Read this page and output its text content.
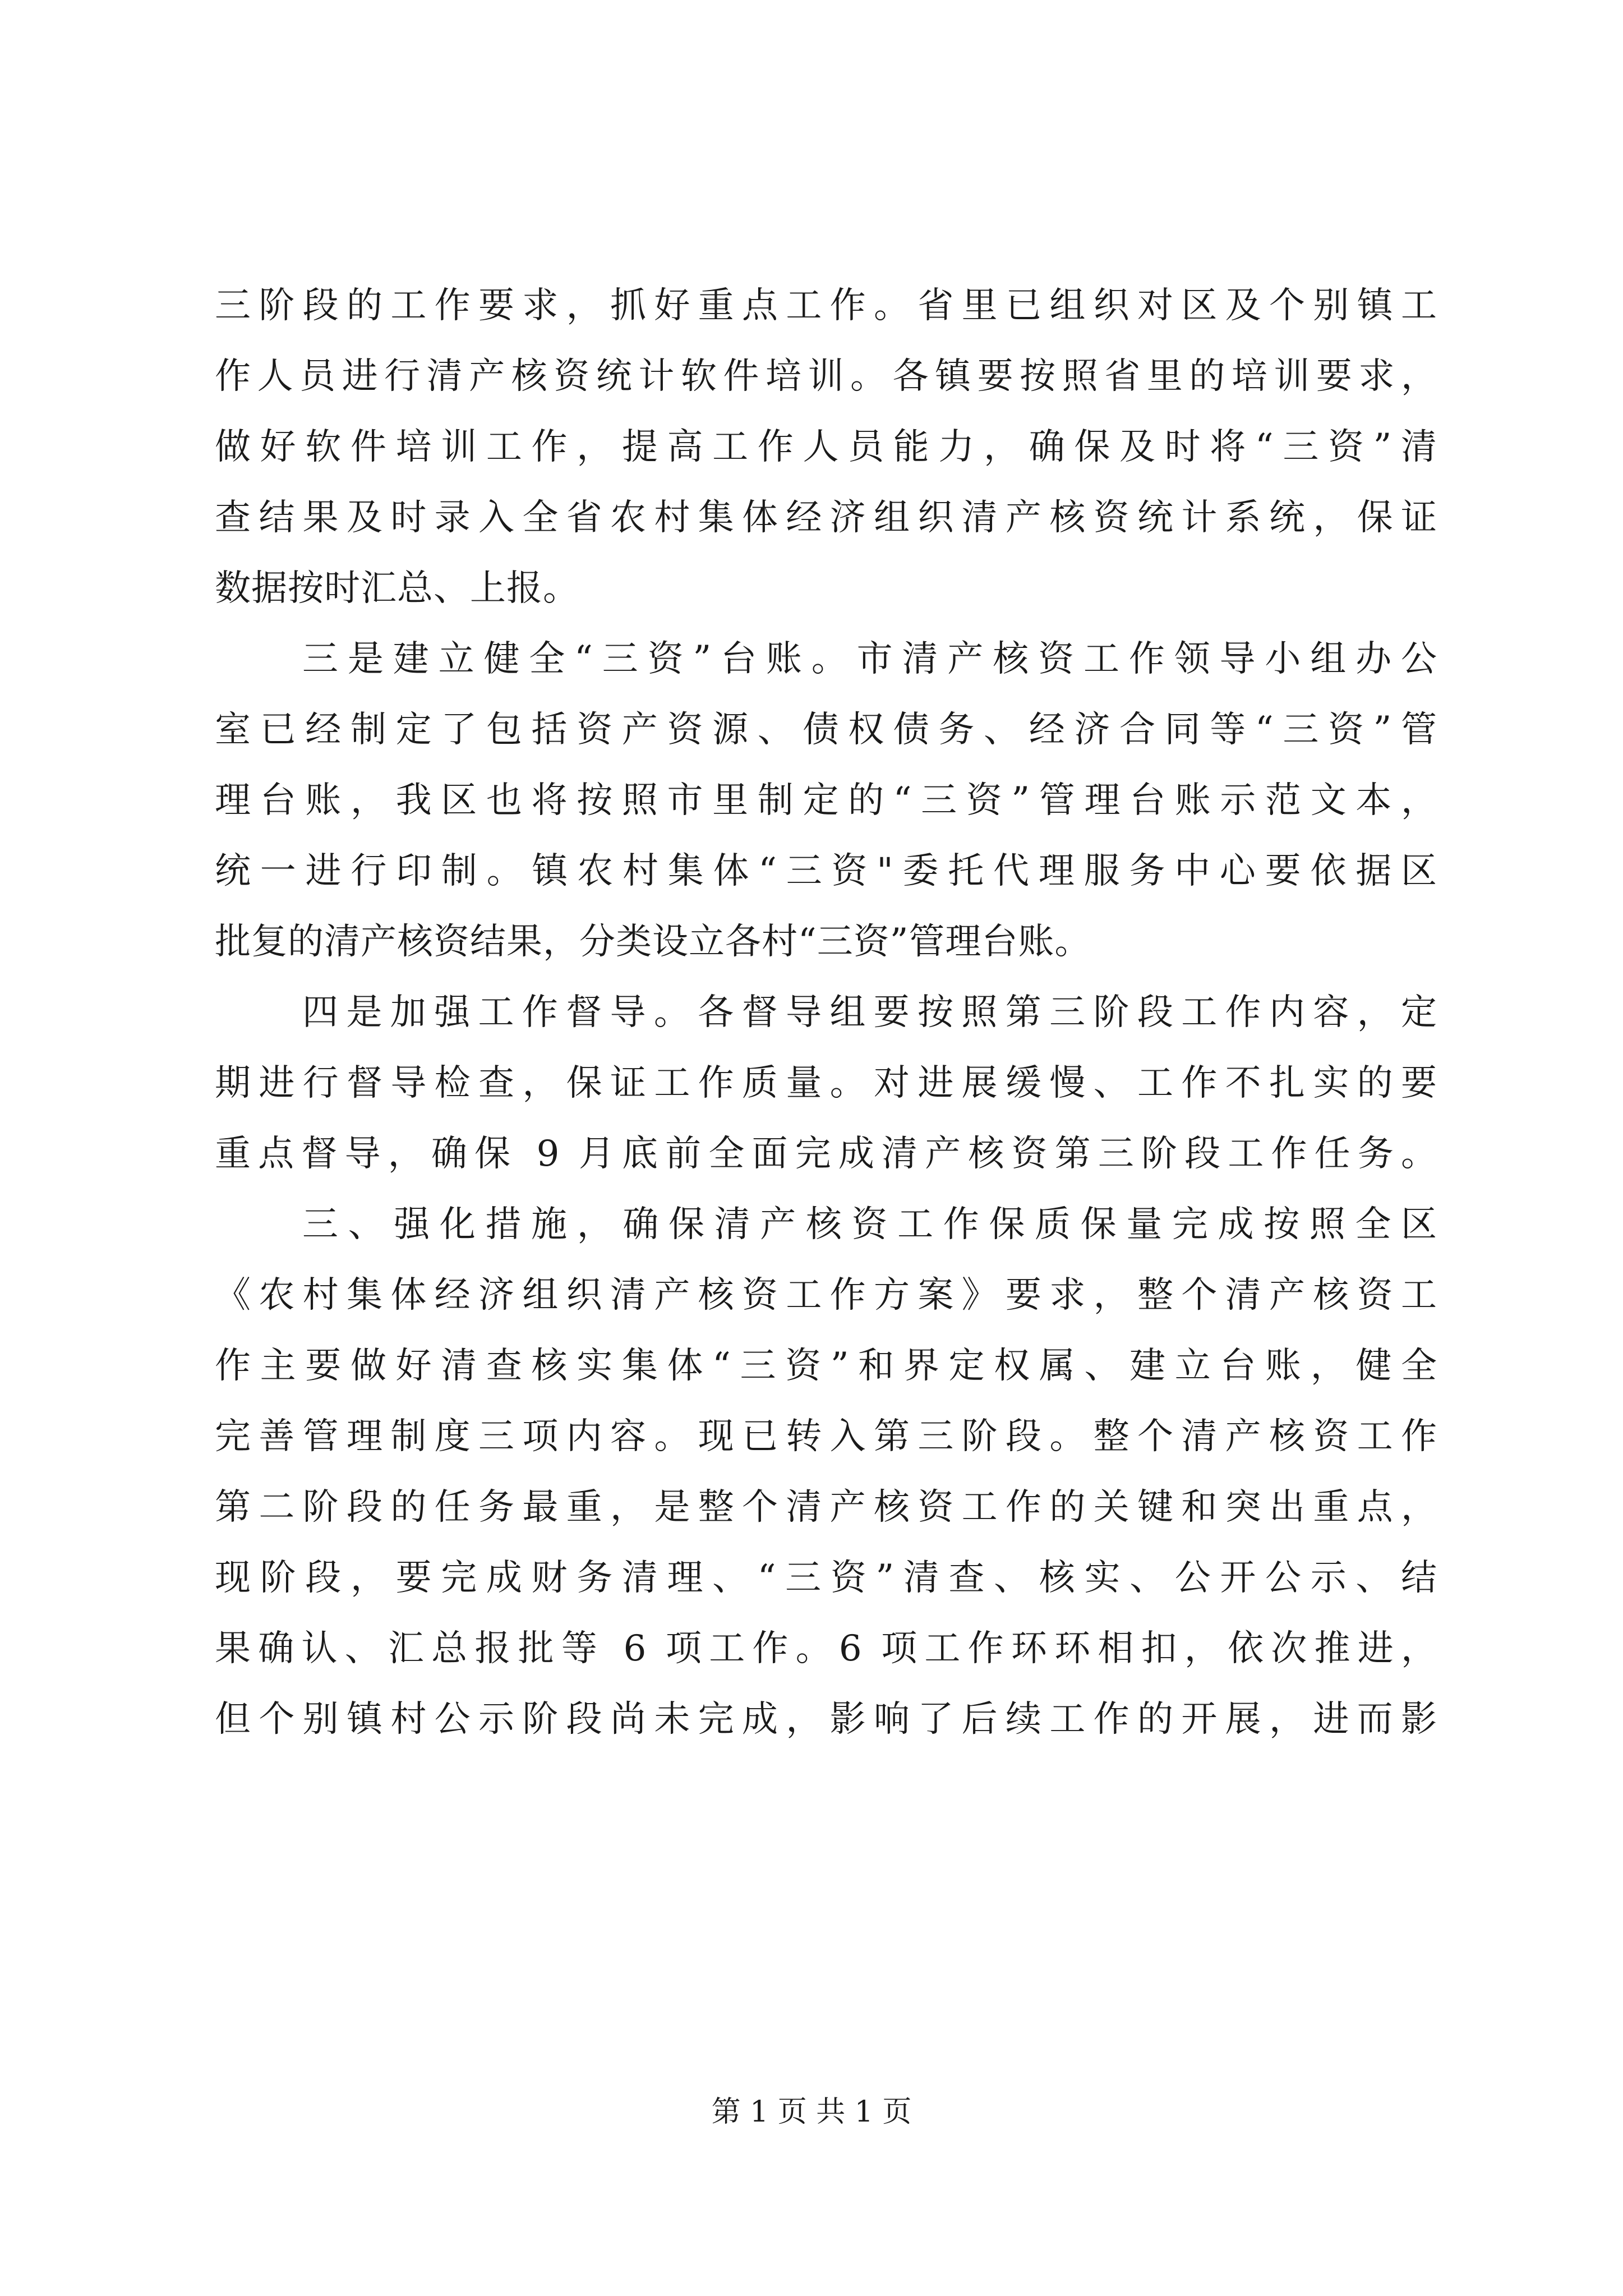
三阶段的工作要求，抓好重点工作。省里已组织对区及个别镇工
作人员进行清产核资统计软件培训。各镇要按照省里的培训要求，
做好软件培训工作，提高工作人员能力，确保及时将“三资”清
查结果及时录入全省农村集体经济组织清产核资统计系统，保证
数据按时汇总、上报。
三是建立健全“三资”台账。市清产核资工作领导小组办公
室已经制定了包括资产资源、债权债务、经济合同等“三资”管
理台账，我区也将按照市里制定的“三资”管理台账示范文本，
统一进行印制。镇农村集体“三资"委托代理服务中心要依据区
批复的清产核资结果，分类设立各村“三资”管理台账。
四是加强工作督导。各督导组要按照第三阶段工作内容，定
期进行督导检查，保证工作质量。对进展缓慢、工作不扎实的要
重点督导，确保 9 月底前全面完成清产核资第三阶段工作任务。
三、强化措施，确保清产核资工作保质保量完成按照全区
《农村集体经济组织清产核资工作方案》要求，整个清产核资工
作主要做好清查核实集体“三资”和界定权属、建立台账，健全
完善管理制度三项内容。现已转入第三阶段。整个清产核资工作
第二阶段的任务最重，是整个清产核资工作的关键和突出重点，
现阶段，要完成财务清理、“三资”清查、核实、公开公示、结
果确认、汇总报批等 6 项工作。6 项工作环环相扣，依次推进，
但个别镇村公示阶段尚未完成，影响了后续工作的开展，进而影
第 1 页 共 1 页
